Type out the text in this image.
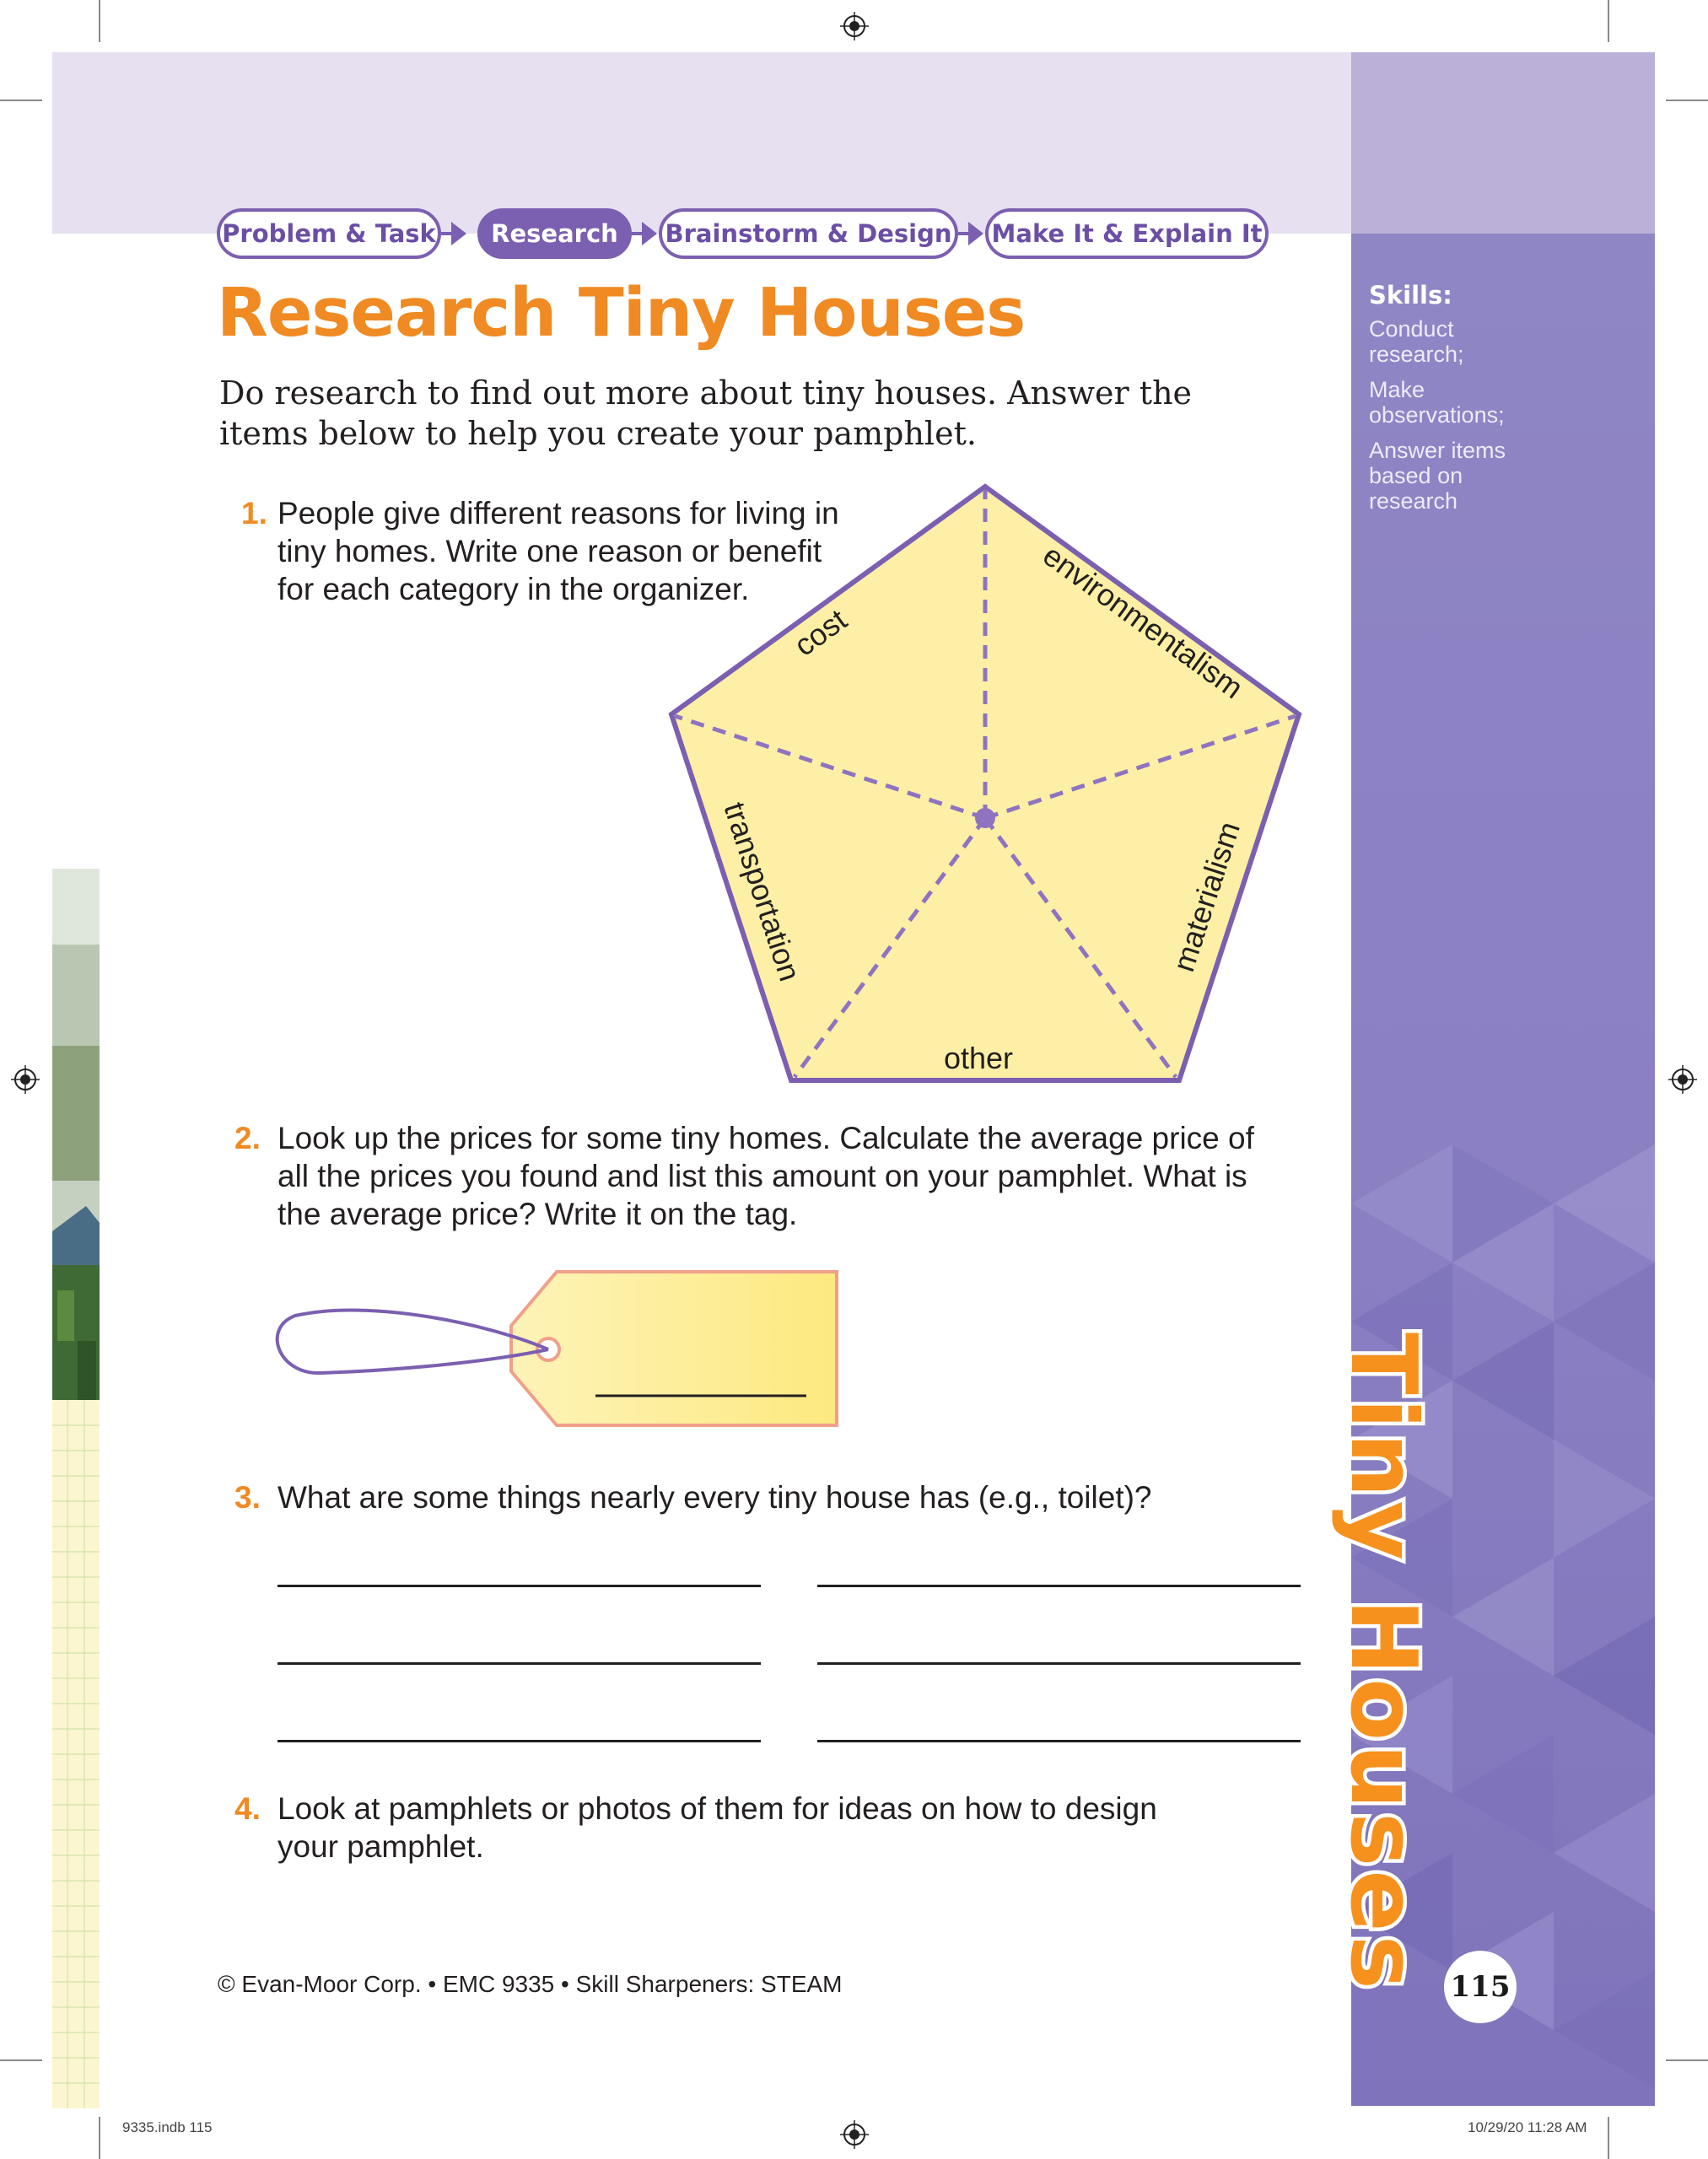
Problem & Task	Research	Brainstorm & Design Make It & Explain It
Research Tiny Houses

Do research to find out more about tiny houses. Answer the items below to help you create your pamphlet.

1. People give different reasons for living in tiny homes. Write one reason or benefit for each category in the organizer.
cost	environmentalism
materialism
other
transportation
2. Look up the prices for some tiny homes. Calculate the average price of all the prices you found and list this amount on your pamphlet. What is the average price? Write it on the tag.
3. What are some things nearly every tiny house has (e.g., toilet)?
4. Look at pamphlets or photos of them for ideas on how to design your pamphlet.
Skills:

Conduct research;

Make observations;

Answer items based on research

Tiny Houses 115
© Evan-Moor Corp. • EMC 9335 • Skill Sharpeners: STEAM
9335.indb 115	10/29/20 11:28 AM
